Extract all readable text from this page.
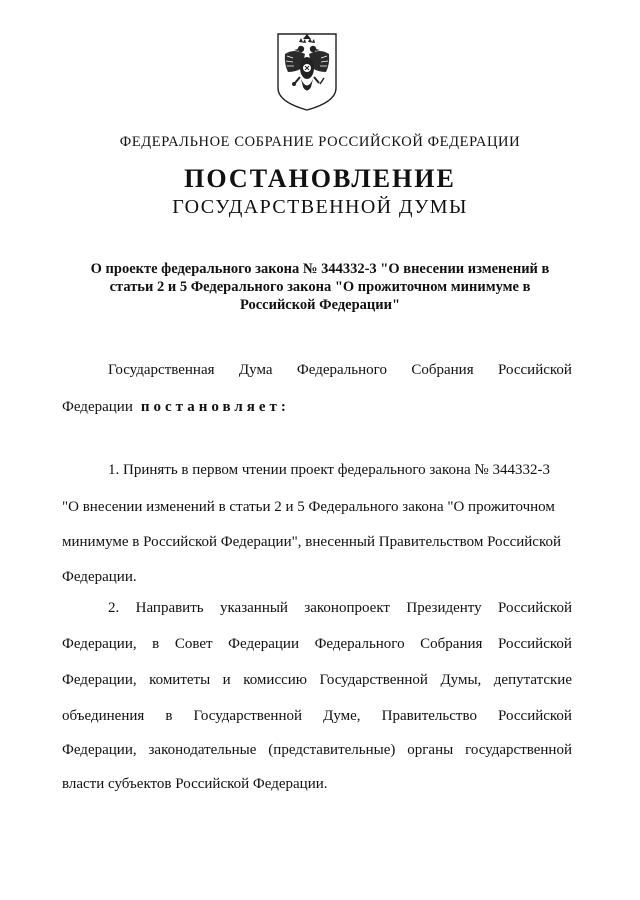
ФЕДЕРАЛЬНОЕ СОБРАНИЕ РОССИЙСКОЙ ФЕДЕРАЦИИ
ПОСТАНОВЛЕНИЕ
ГОСУДАРСТВЕННОЙ ДУМЫ
О проекте федерального закона № 344332-3 "О внесении изменений в
статьи 2 и 5 Федерального закона "О прожиточном минимуме в
Российской Федерации"
Государственная Дума Федерального Собрания Российской
Федерации постановляет:
1. Принять в первом чтении проект федерального закона № 344332-3
"О внесении изменений в статьи 2 и 5 Федерального закона "О прожиточном
минимуме в Российской Федерации", внесенный Правительством Российской
Федерации.
2. Направить указанный законопроект Президенту Российской
Федерации, в Совет Федерации Федерального Собрания Российской
Федерации, комитеты и комиссию Государственной Думы, депутатские
объединения в Государственной Думе, Правительство Российской
Федерации, законодательные (представительные) органы государственной
власти субъектов Российской Федерации.
